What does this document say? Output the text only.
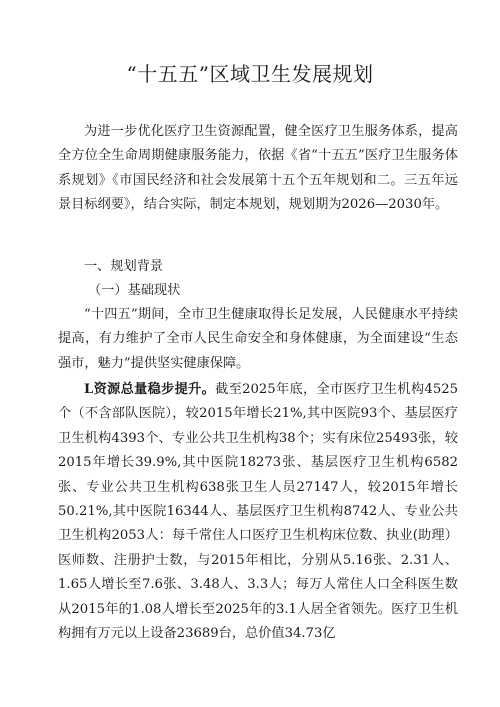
“十五五”区域卫生发展规划
为进一步优化医疗卫生资源配置，健全医疗卫生服务体系，提高全方位全生命周期健康服务能力，依据《省“十五五”医疗卫生服务体系规划》《市国民经济和社会发展第十五个五年规划和二。三五年远景目标纲要》，结合实际，制定本规划，规划期为2026—2030年。
一、规划背景
（一）基础现状
“十四五”期间，全市卫生健康取得长足发展，人民健康水平持续提高，有力维护了全市人民生命安全和身体健康，为全面建设“生态强市，魅力”提供坚实健康保障。
L资源总量稳步提升。截至2025年底，全市医疗卫生机构4525个（不含部队医院），较2015年增长21%,其中医院93个、基层医疗卫生机构4393个、专业公共卫生机构38个；实有床位25493张，较2015年增长39.9%,其中医院18273张、基层医疗卫生机构6582张、专业公共卫生机构638张卫生人员27147人，较2015年增长50.21%,其中医院16344人、基层医疗卫生机构8742人、专业公共卫生机构2053人：每千常住人口医疗卫生机构床位数、执业(助理）医师数、注册护士数，与2015年相比，分别从5.16张、2.31人、1.65人增长至7.6张、3.48人、3.3人；每万人常住人口全科医生数从2015年的1.08人增长至2025年的3.1人居全省领先。医疗卫生机构拥有万元以上设备23689台，总价值34.73亿
